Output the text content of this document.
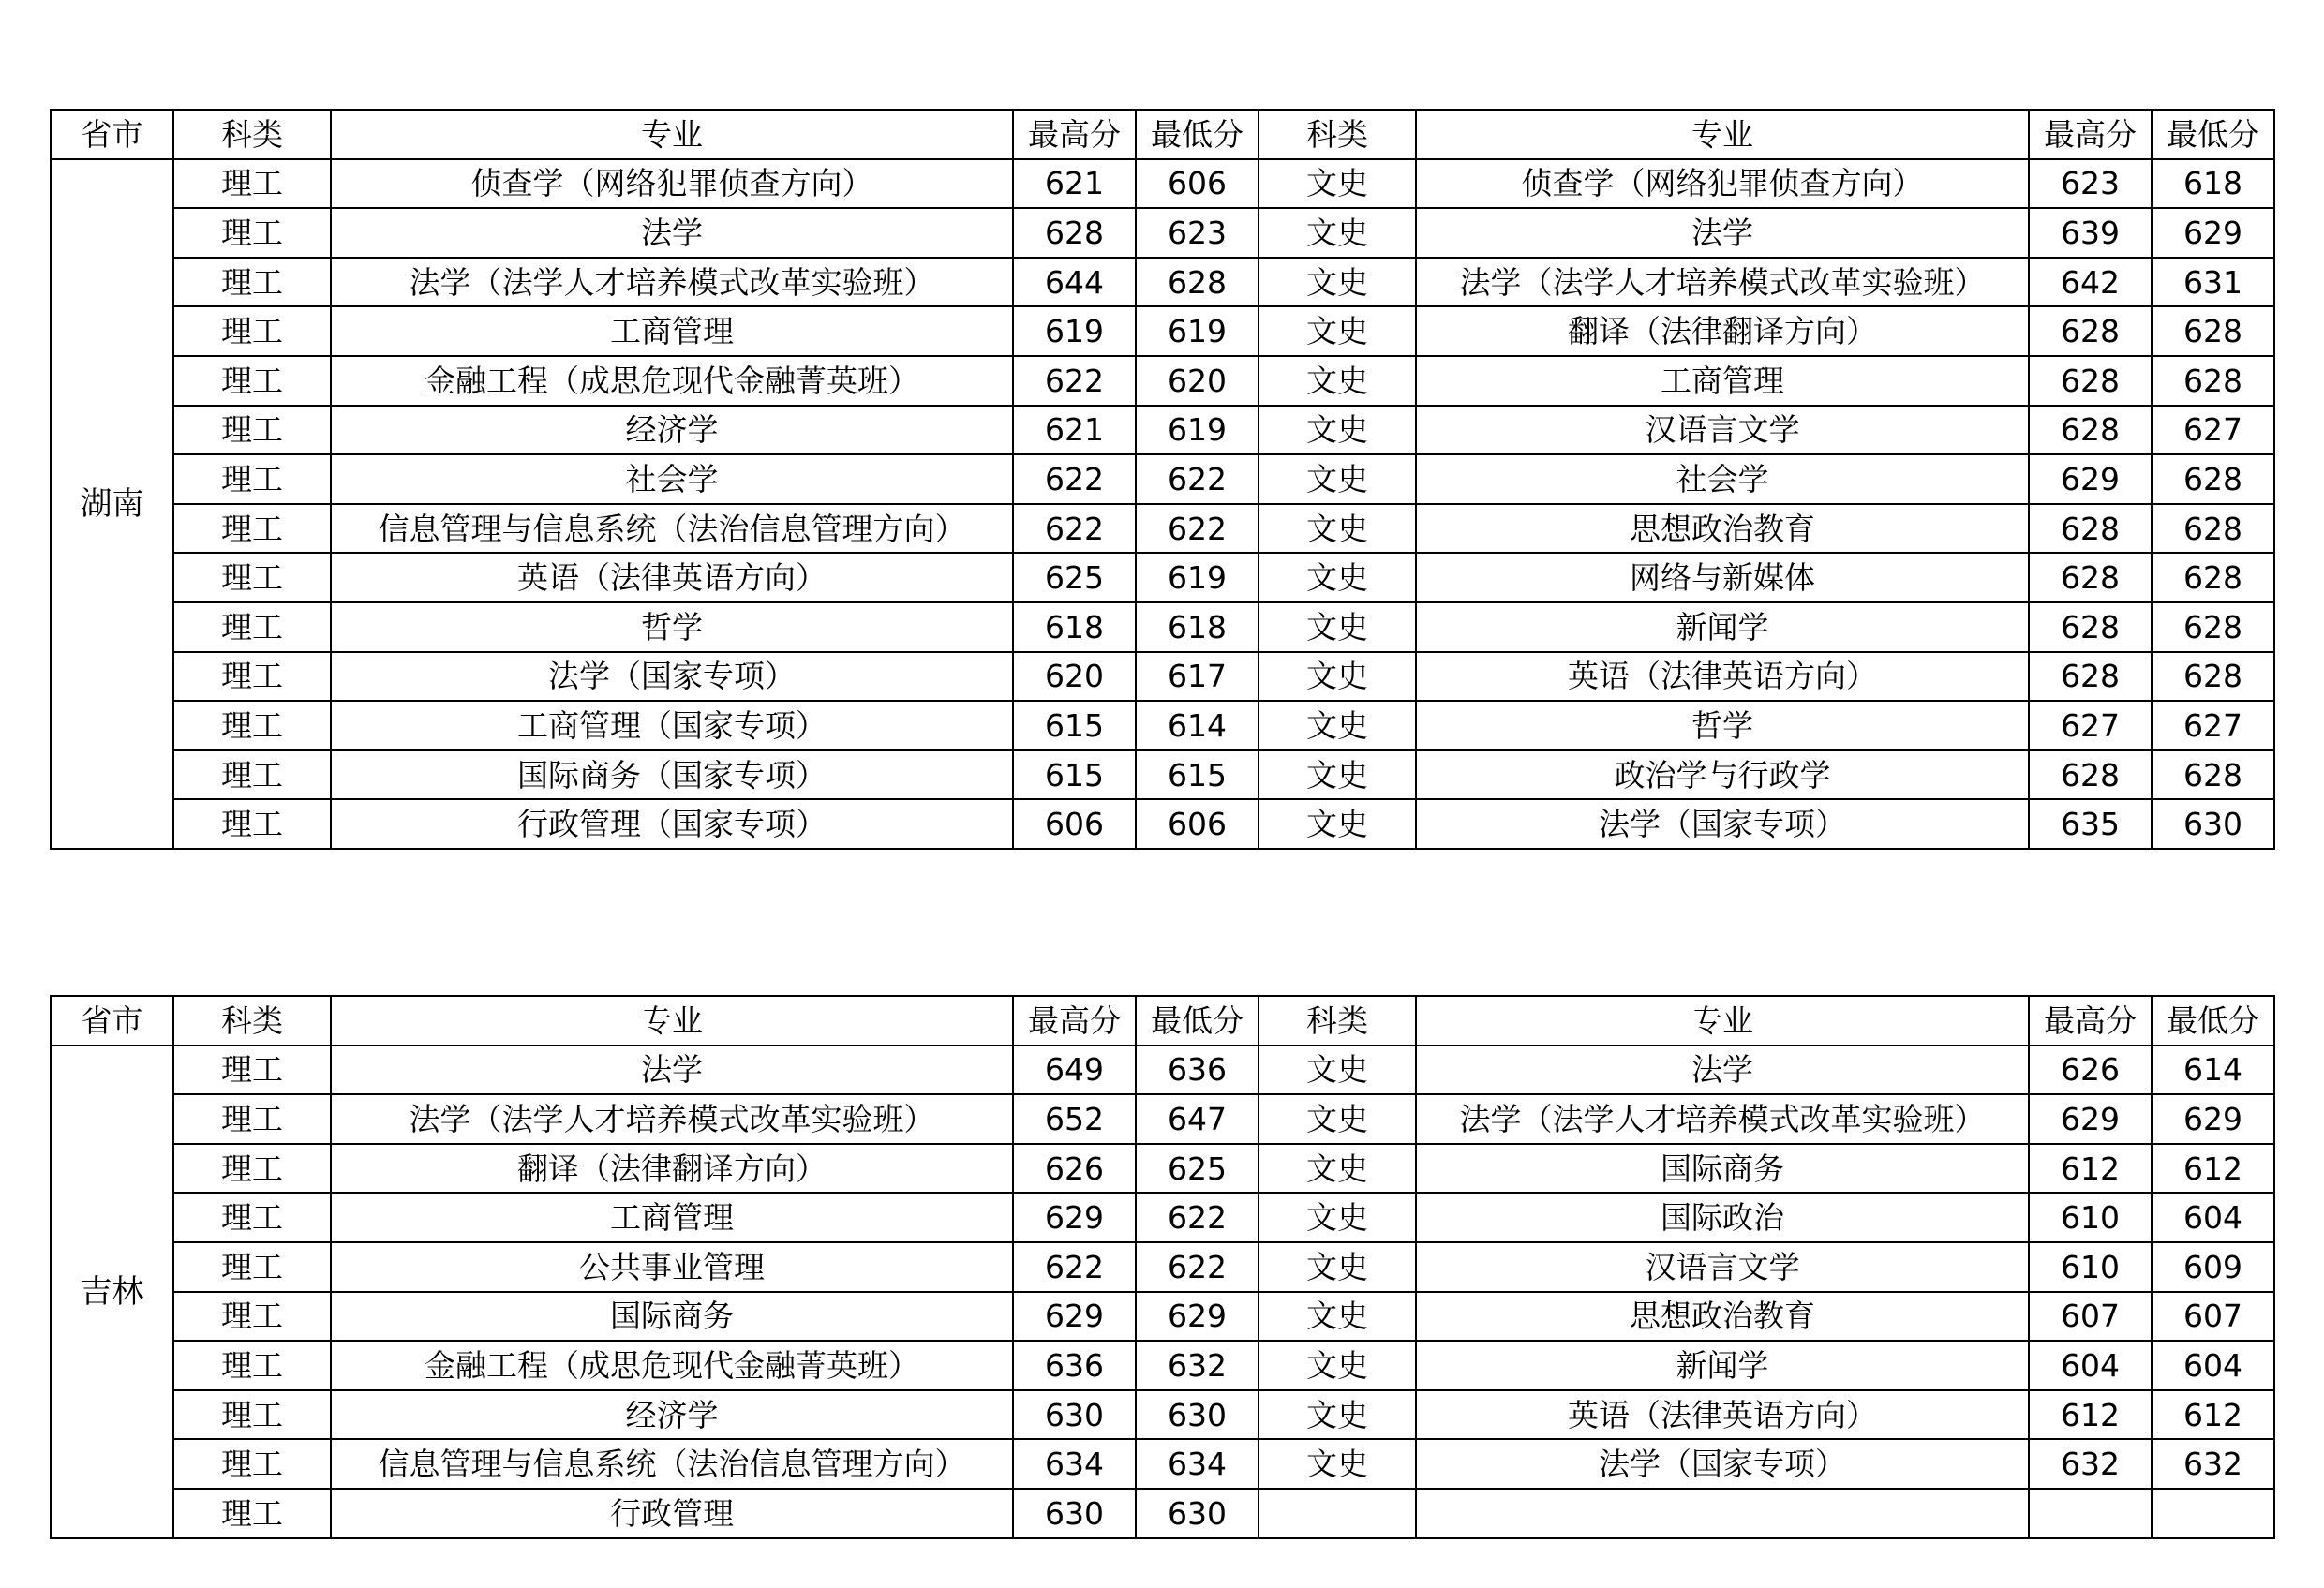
省市	科类	专业	最高分	最低分	科类	专业	最高分	最低分
湖南	理工	侦查学（网络犯罪侦查方向）	621	606	文史	侦查学（网络犯罪侦查方向）	623	618
	理工	法学	628	623	文史	法学	639	629
	理工	法学（法学人才培养模式改革实验班）	644	628	文史	法学（法学人才培养模式改革实验班）	642	631
	理工	工商管理	619	619	文史	翻译（法律翻译方向）	628	628
	理工	金融工程（成思危现代金融菁英班）	622	620	文史	工商管理	628	628
	理工	经济学	621	619	文史	汉语言文学	628	627
	理工	社会学	622	622	文史	社会学	629	628
	理工	信息管理与信息系统（法治信息管理方向）	622	622	文史	思想政治教育	628	628
	理工	英语（法律英语方向）	625	619	文史	网络与新媒体	628	628
	理工	哲学	618	618	文史	新闻学	628	628
	理工	法学（国家专项）	620	617	文史	英语（法律英语方向）	628	628
	理工	工商管理（国家专项）	615	614	文史	哲学	627	627
	理工	国际商务（国家专项）	615	615	文史	政治学与行政学	628	628
	理工	行政管理（国家专项）	606	606	文史	法学（国家专项）	635	630
省市	科类	专业	最高分	最低分	科类	专业	最高分	最低分
吉林	理工	法学	649	636	文史	法学	626	614
	理工	法学（法学人才培养模式改革实验班）	652	647	文史	法学（法学人才培养模式改革实验班）	629	629
	理工	翻译（法律翻译方向）	626	625	文史	国际商务	612	612
	理工	工商管理	629	622	文史	国际政治	610	604
	理工	公共事业管理	622	622	文史	汉语言文学	610	609
	理工	国际商务	629	629	文史	思想政治教育	607	607
	理工	金融工程（成思危现代金融菁英班）	636	632	文史	新闻学	604	604
	理工	经济学	630	630	文史	英语（法律英语方向）	612	612
	理工	信息管理与信息系统（法治信息管理方向）	634	634	文史	法学（国家专项）	632	632
	理工	行政管理	630	630				
